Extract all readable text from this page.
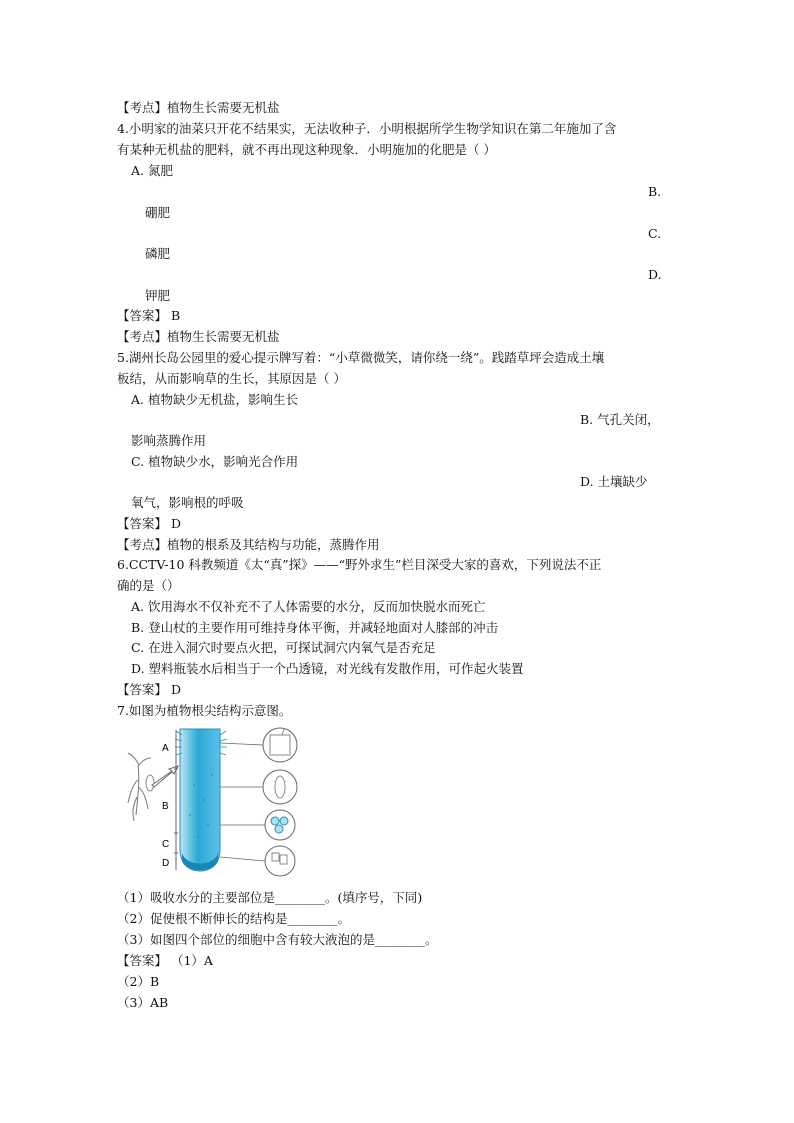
【考点】植物生长需要无机盐
4.小明家的油菜只开花不结果实，无法收种子．小明根据所学生物学知识在第二年施加了含
有某种无机盐的肥料，就不再出现这种现象．小明施加的化肥是（ ）
A. 氮肥
B.
硼肥
C.
磷肥
D.
钾肥
【答案】 B
【考点】植物生长需要无机盐
5.湖州长岛公园里的爱心提示牌写着：“小草微微笑，请你绕一绕”。践踏草坪会造成土壤
板结，从而影响草的生长，其原因是（ ）
A. 植物缺少无机盐，影响生长
B. 气孔关闭，
影响蒸腾作用
C. 植物缺少水，影响光合作用
D. 土壤缺少
氧气，影响根的呼吸
【答案】 D
【考点】植物的根系及其结构与功能，蒸腾作用
6.CCTV-10 科教频道《太“真”探》——“野外求生”栏目深受大家的喜欢，下列说法不正
确的是（）
A. 饮用海水不仅补充不了人体需要的水分，反而加快脱水而死亡
B. 登山杖的主要作用可维持身体平衡，并减轻地面对人膝部的冲击
C. 在进入洞穴时要点火把，可探试洞穴内氧气是否充足
D. 塑料瓶装水后相当于一个凸透镜，对光线有发散作用，可作起火装置
【答案】 D
7.如图为植物根尖结构示意图。
A
B
C
D
（1）吸收水分的主要部位是________。(填序号，下同)
（2）促使根不断伸长的结构是________。
（3）如图四个部位的细胞中含有较大液泡的是________。
【答案】 （1）A
（2）B
（3）AB
